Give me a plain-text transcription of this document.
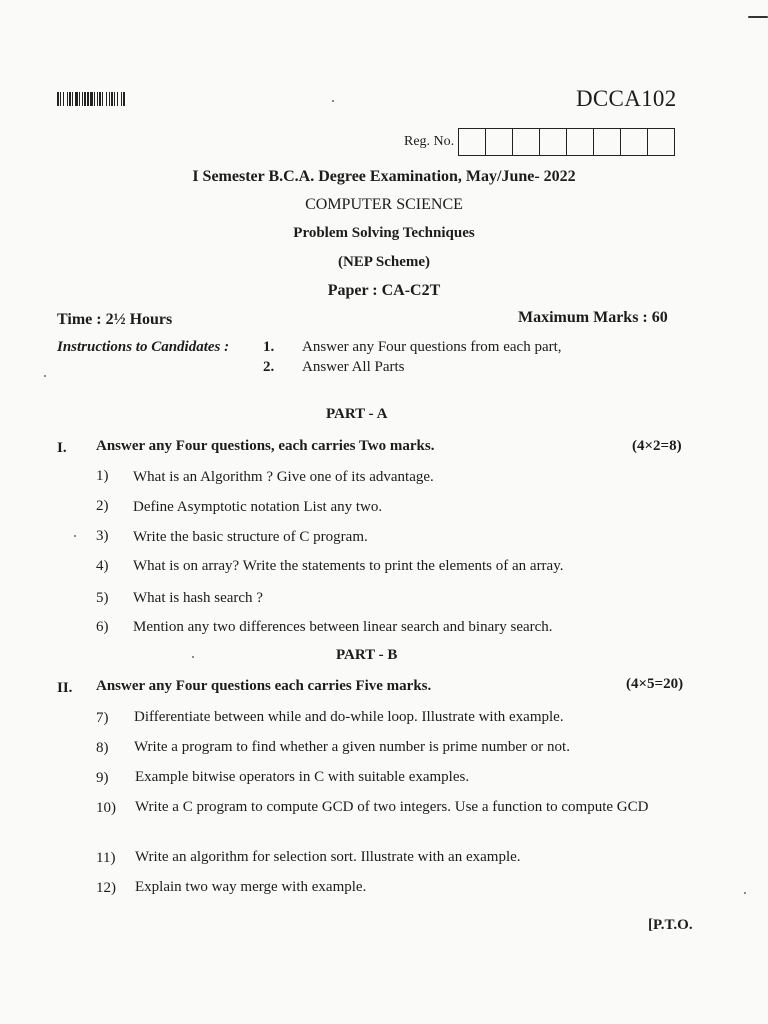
DCCA102
Reg. No.
I Semester B.C.A. Degree Examination, May/June- 2022
COMPUTER SCIENCE
Problem Solving Techniques
(NEP Scheme)
Paper : CA-C2T
Time : 2½ Hours	Maximum Marks : 60
Instructions to Candidates : 1. Answer any Four questions from each part,
2. Answer All Parts
PART - A
I. Answer any Four questions, each carries Two marks.	(4×2=8)
1) What is an Algorithm ? Give one of its advantage.
2) Define Asymptotic notation List any two.
3) Write the basic structure of C program.
4) What is on array? Write the statements to print the elements of an array.
5) What is hash search ?
6) Mention any two differences between linear search and binary search.
PART - B
II. Answer any Four questions each carries Five marks.	(4×5=20)
7) Differentiate between while and do-while loop. Illustrate with example.
8) Write a program to find whether a given number is prime number or not.
9) Example bitwise operators in C with suitable examples.
10) Write a C program to compute GCD of two integers. Use a function to compute GCD
11) Write an algorithm for selection sort. Illustrate with an example.
12) Explain two way merge with example.
[P.T.O.
